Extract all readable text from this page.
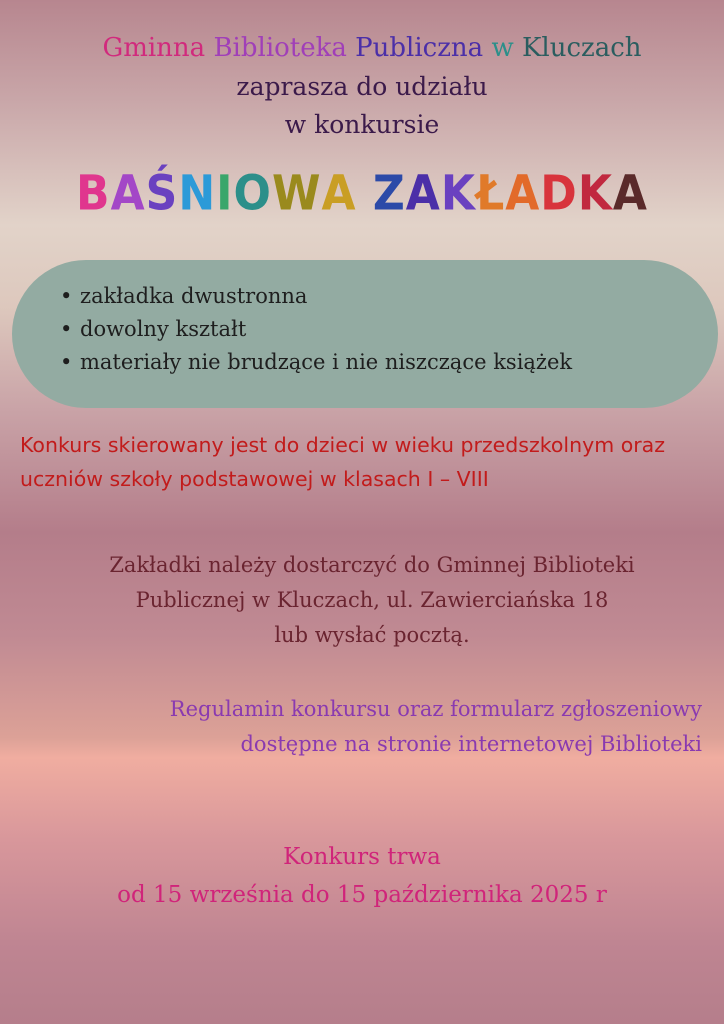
Gminna Biblioteka Publiczna w Kluczach
zaprasza do udziału
w konkursie
BAŚNIOWA ZAKŁADKA
• zakładka dwustronna
• dowolny kształt
• materiały nie brudzące i nie niszczące książek
Konkurs skierowany jest do dzieci w wieku przedszkolnym oraz uczniów szkoły podstawowej w klasach I – VIII
Zakładki należy dostarczyć do Gminnej Biblioteki
Publicznej w Kluczach, ul. Zawierciańska 18
lub wysłać pocztą.
Regulamin konkursu oraz formularz zgłoszeniowy
dostępne na stronie internetowej Biblioteki
Konkurs trwa
od 15 września do 15 października 2025 r
